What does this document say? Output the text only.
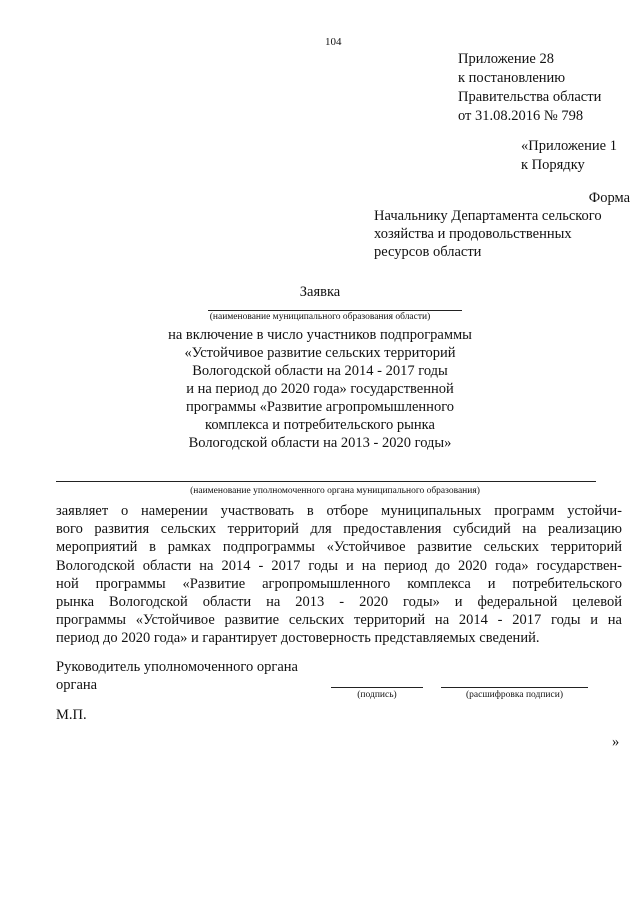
104
Приложение 28
к постановлению
Правительства области
от 31.08.2016 № 798
«Приложение 1
к Порядку
Форма
Начальнику Департамента сельского
хозяйства и продовольственных
ресурсов области
Заявка
(наименование муниципального образования области)
на включение в число участников подпрограммы
«Устойчивое развитие сельских территорий
Вологодской области на 2014 - 2017 годы
и на период до 2020 года» государственной
программы «Развитие агропромышленного
комплекса и потребительского рынка
Вологодской области на 2013 - 2020 годы»
(наименование уполномоченного органа муниципального образования)
заявляет о намерении участвовать в отборе муниципальных программ устойчи-
вого развития сельских территорий для предоставления субсидий на реализацию
мероприятий в рамках подпрограммы «Устойчивое развитие сельских территорий
Вологодской области на 2014 - 2017 годы и на период до 2020 года» государствен-
ной программы «Развитие агропромышленного комплекса и потребительского
рынка Вологодской области на 2013 - 2020 годы» и федеральной целевой
программы «Устойчивое развитие сельских территорий на 2014 - 2017 годы и на
период до 2020 года» и гарантирует достоверность представляемых сведений.
Руководитель уполномоченного органа
органа
(подпись)	(расшифровка подписи)
М.П.
»
